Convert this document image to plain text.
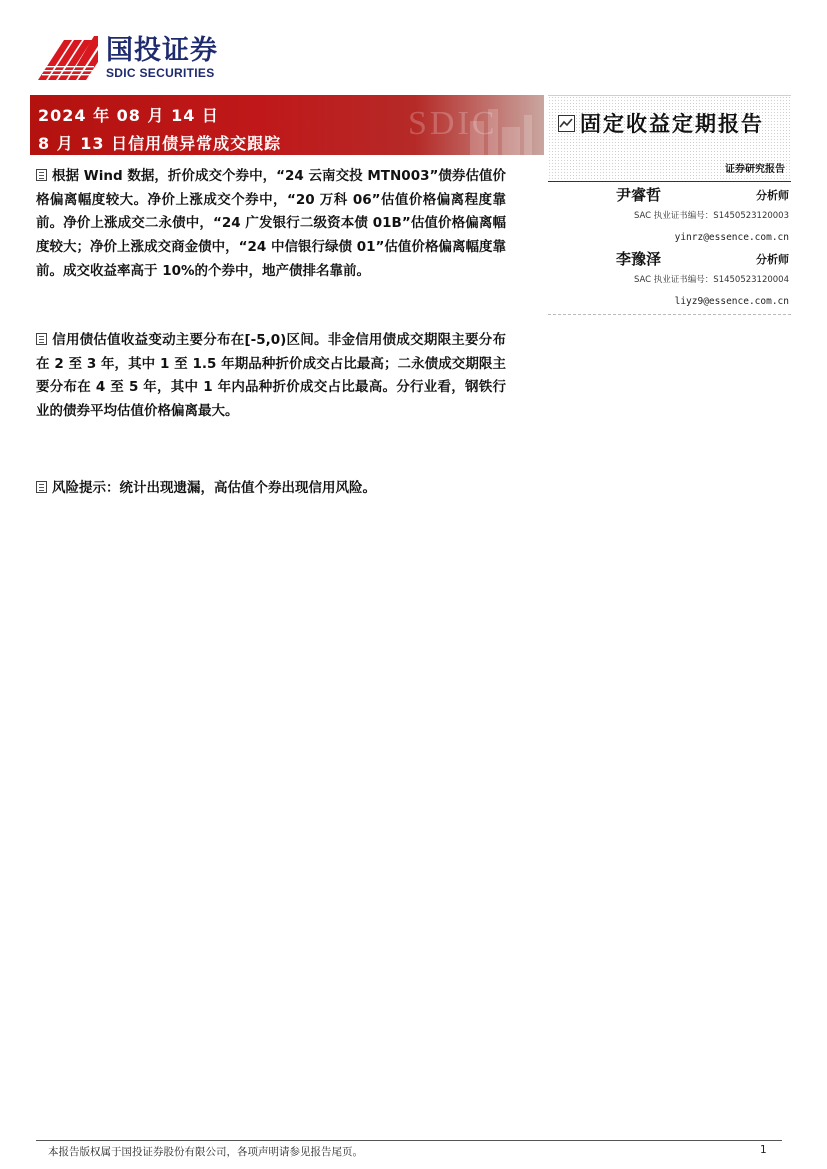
国投证券
SDIC SECURITIES
SDIC
2024 年 08 月 14 日
8 月 13 日信用债异常成交跟踪
固定收益定期报告
证券研究报告
尹睿哲	分析师
SAC 执业证书编号：S1450523120003
yinrz@essence.com.cn
李豫泽	分析师
SAC 执业证书编号：S1450523120004
liyz9@essence.com.cn
根据 Wind 数据，折价成交个券中，“24 云南交投 MTN003”债券估值价格偏离幅度较大。净价上涨成交个券中，“20 万科 06”估值价格偏离程度靠前。净价上涨成交二永债中，“24 广发银行二级资本债 01B”估值价格偏离幅度较大；净价上涨成交商金债中，“24 中信银行绿债 01”估值价格偏离幅度靠前。成交收益率高于 10%的个券中，地产债排名靠前。
信用债估值收益变动主要分布在[-5,0)区间。非金信用债成交期限主要分布在 2 至 3 年，其中 1 至 1.5 年期品种折价成交占比最高；二永债成交期限主要分布在 4 至 5 年，其中 1 年内品种折价成交占比最高。分行业看，钢铁行业的债券平均估值价格偏离最大。
风险提示：统计出现遗漏，高估值个券出现信用风险。
本报告版权属于国投证券股份有限公司，各项声明请参见报告尾页。	1
